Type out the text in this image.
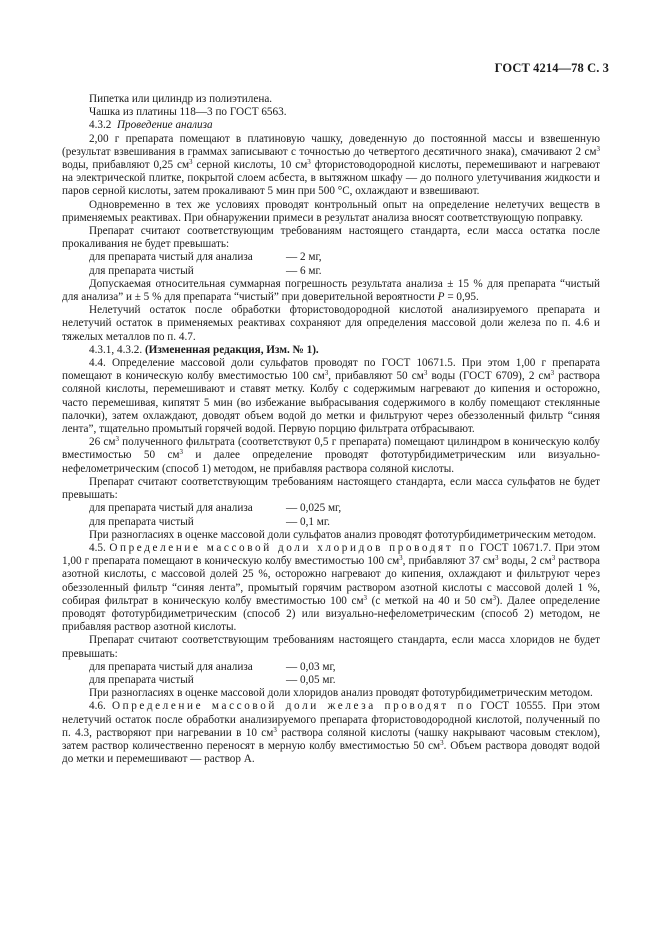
ГОСТ 4214—78 С. 3

Пипетка или цилиндр из полиэтилена.

Чашка из платины 118—3 по ГОСТ 6563.

4.3.2 Проведение анализа

2,00 г препарата помещают в платиновую чашку, доведенную до постоянной массы и взвешенную (результат взвешивания в граммах записывают с точностью до четвертого десятичного знака), смачивают 2 $см^3$ воды, прибавляют 0,25 $см^3$ серной кислоты, 10 $см^3$ фтористоводородной кислоты, перемешивают и нагревают на электрической плитке, покрытой слоем асбеста, в вытяжном шкафу — до полного улетучивания жидкости и паров серной кислоты, затем прокаливают 5 мин при 500 °С, охлаждают и взвешивают.

Одновременно в тех же условиях проводят контрольный опыт на определение нелетучих веществ в применяемых реактивах. При обнаружении примеси в результат анализа вносят соответствующую поправку.

Препарат считают соответствующим требованиям настоящего стандарта, если масса остатка после прокаливания не будет превышать:

для препарата чистый для анализа	— 2 мг,
для препарата чистый	— 6 мг.

Допускаемая относительная суммарная погрешность результата анализа ± 15 % для препарата “чистый для анализа” и ± 5 % для препарата “чистый” при доверительной вероятности Р = 0,95.

Нелетучий остаток после обработки фтористоводородной кислотой анализируемого препарата и нелетучий остаток в применяемых реактивах сохраняют для определения массовой доли железа по п. 4.6 и тяжелых металлов по п. 4.7.

4.3.1, 4.3.2. (Измененная редакция, Изм. № 1).

4.4. Определение массовой доли сульфатов проводят по ГОСТ 10671.5. При этом 1,00 г препарата помещают в коническую колбу вместимостью 100 $см^3$, прибавляют 50 $см^3$ воды (ГОСТ 6709), 2 $см^3$ раствора соляной кислоты, перемешивают и ставят метку. Колбу с содержимым нагревают до кипения и осторожно, часто перемешивая, кипятят 5 мин (во избежание выбрасывания содержимого в колбу помещают стеклянные палочки), затем охлаждают, доводят объем водой до метки и фильтруют через обеззоленный фильтр “синяя лента”, тщательно промытый горячей водой. Первую порцию фильтрата отбрасывают.

26 $см^3$ полученного фильтрата (соответствуют 0,5 г препарата) помещают цилиндром в коническую колбу вместимостью 50 $см^3$ и далее определение проводят фототурбидиметрическим или визуально-нефелометрическим (способ 1) методом, не прибавляя раствора соляной кислоты.

Препарат считают соответствующим требованиям настоящего стандарта, если масса сульфатов не будет превышать:

для препарата чистый для анализа	— 0,025 мг,
для препарата чистый	— 0,1 мг.

При разногласиях в оценке массовой доли сульфатов анализ проводят фототурбидиметрическим методом.

4.5. Определение массовой доли хлоридов проводят по ГОСТ 10671.7. При этом 1,00 г препарата помещают в коническую колбу вместимостью 100 $см^3$, прибавляют 37 $см^3$ воды, 2 $см^3$ раствора азотной кислоты, с массовой долей 25 %, осторожно нагревают до кипения, охлаждают и фильтруют через обеззоленный фильтр “синяя лента”, промытый горячим раствором азотной кислоты с массовой долей 1 %, собирая фильтрат в коническую колбу вместимостью 100 $см^3$ (с меткой на 40 и 50 $см^3$). Далее определение проводят фототурбидиметрическим (способ 2) или визуально-нефелометрическим (способ 2) методом, не прибавляя раствор азотной кислоты.

Препарат считают соответствующим требованиям настоящего стандарта, если масса хлоридов не будет превышать:

для препарата чистый для анализа	— 0,03 мг,
для препарата чистый	— 0,05 мг.

При разногласиях в оценке массовой доли хлоридов анализ проводят фототурбидиметрическим методом.

4.6. Определение массовой доли железа проводят по ГОСТ 10555. При этом нелетучий остаток после обработки анализируемого препарата фтористоводородной кислотой, полученный по п. 4.3, растворяют при нагревании в 10 $см^3$ раствора соляной кислоты (чашку накрывают часовым стеклом), затем раствор количественно переносят в мерную колбу вместимостью 50 $см^3$. Объем раствора доводят водой до метки и перемешивают — раствор А.
